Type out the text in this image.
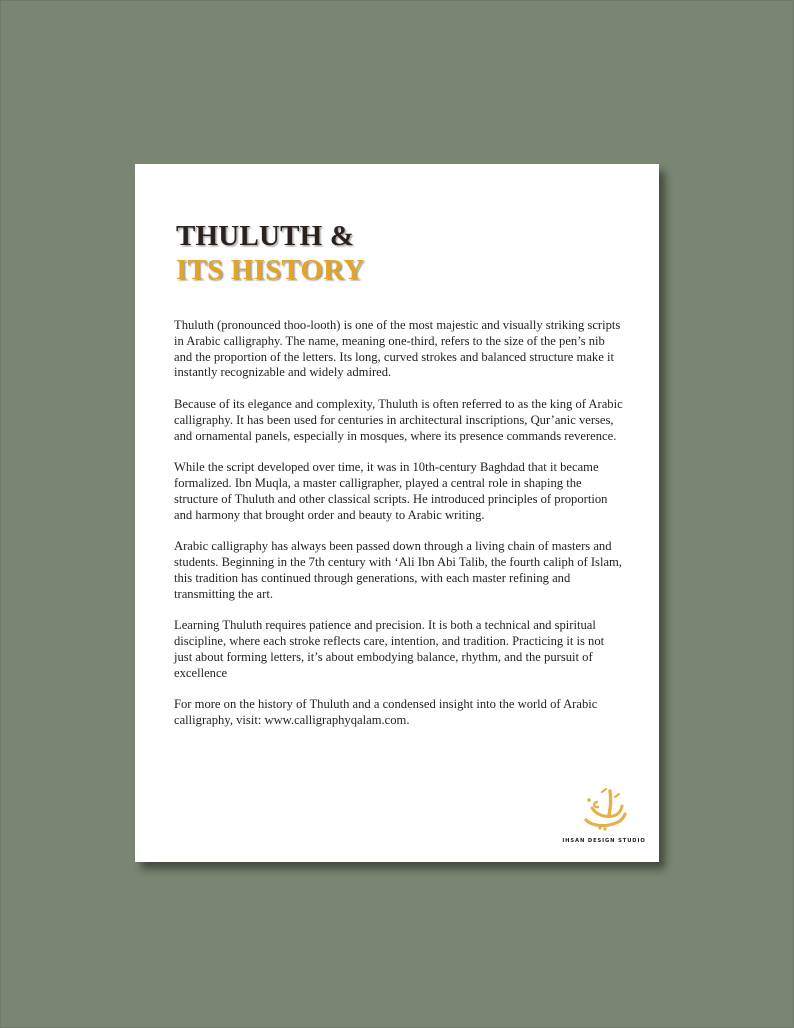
THULUTH &
ITS HISTORY

Thuluth (pronounced thoo-looth) is one of the most majestic and visually striking scripts in Arabic calligraphy. The name, meaning one-third, refers to the size of the pen’s nib and the proportion of the letters. Its long, curved strokes and balanced structure make it instantly recognizable and widely admired.

Because of its elegance and complexity, Thuluth is often referred to as the king of Arabic calligraphy. It has been used for centuries in architectural inscriptions, Qur’anic verses, and ornamental panels, especially in mosques, where its presence commands reverence.

While the script developed over time, it was in 10th-century Baghdad that it became formalized. Ibn Muqla, a master calligrapher, played a central role in shaping the structure of Thuluth and other classical scripts. He introduced principles of proportion and harmony that brought order and beauty to Arabic writing.

Arabic calligraphy has always been passed down through a living chain of masters and students. Beginning in the 7th century with ‘Ali Ibn Abi Talib, the fourth caliph of Islam, this tradition has continued through generations, with each master refining and transmitting the art.

Learning Thuluth requires patience and precision. It is both a technical and spiritual discipline, where each stroke reflects care, intention, and tradition. Practicing it is not just about forming letters, it’s about embodying balance, rhythm, and the pursuit of excellence

For more on the history of Thuluth and a condensed insight into the world of Arabic calligraphy, visit: www.calligraphyqalam.com.

IHSAN DESIGN STUDIO
